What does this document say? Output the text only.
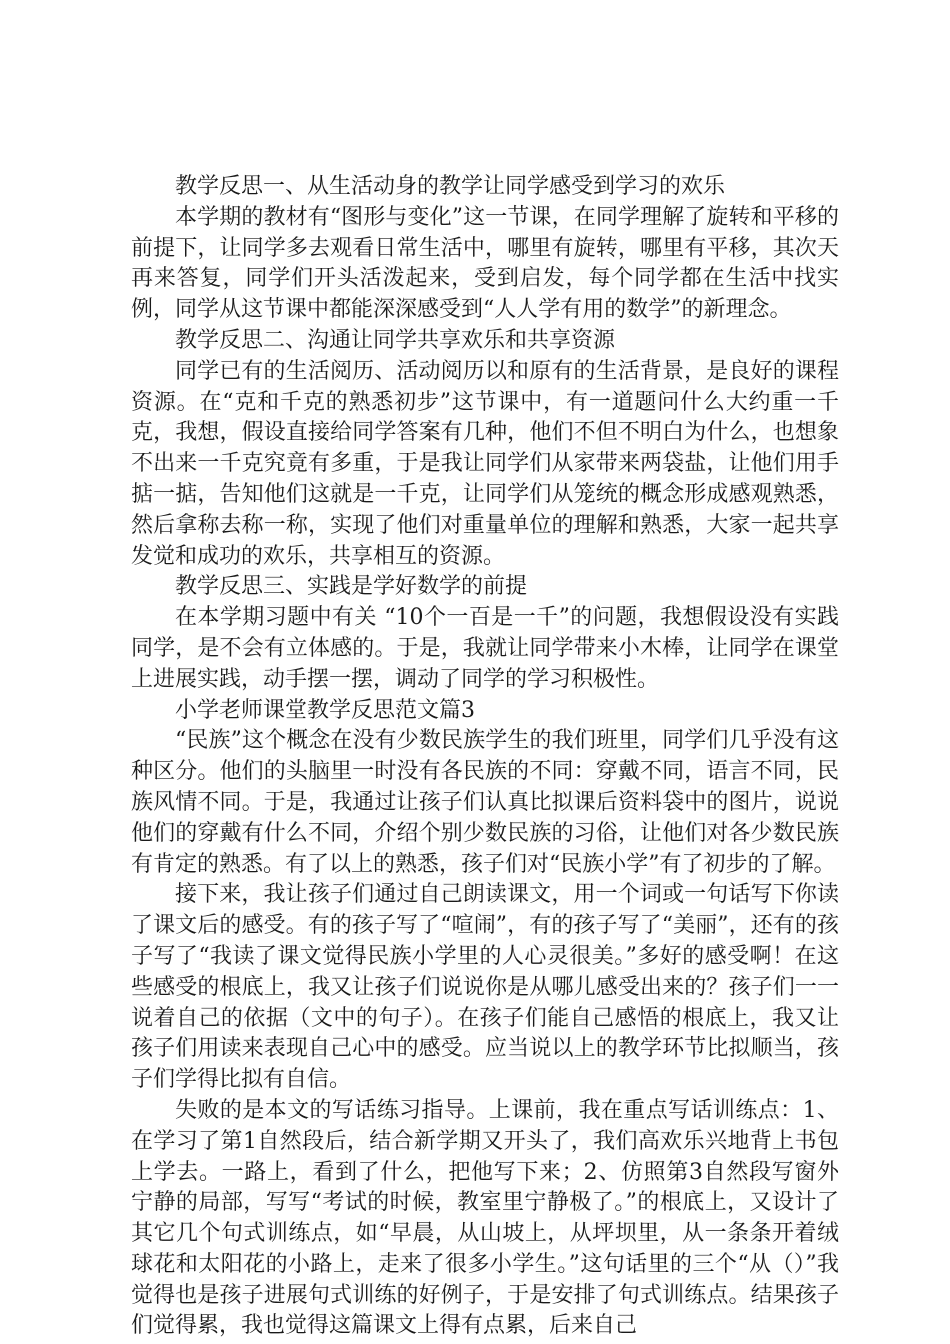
教学反思一、从生活动身的教学让同学感受到学习的欢乐

本学期的教材有“图形与变化”这一节课，在同学理解了旋转和平移的前提下，让同学多去观看日常生活中，哪里有旋转，哪里有平移，其次天再来答复，同学们开头活泼起来，受到启发，每个同学都在生活中找实例，同学从这节课中都能深深感受到“人人学有用的数学”的新理念。

教学反思二、沟通让同学共享欢乐和共享资源

同学已有的生活阅历、活动阅历以和原有的生活背景，是良好的课程资源。在“克和千克的熟悉初步”这节课中，有一道题问什么大约重一千克，我想，假设直接给同学答案有几种，他们不但不明白为什么，也想象不出来一千克究竟有多重，于是我让同学们从家带来两袋盐，让他们用手掂一掂，告知他们这就是一千克，让同学们从笼统的概念形成感观熟悉，然后拿称去称一称，实现了他们对重量单位的理解和熟悉，大家一起共享发觉和成功的欢乐，共享相互的资源。

教学反思三、实践是学好数学的前提

在本学期习题中有关 “10个一百是一千”的问题，我想假设没有实践同学，是不会有立体感的。于是，我就让同学带来小木棒，让同学在课堂上进展实践，动手摆一摆，调动了同学的学习积极性。

小学老师课堂教学反思范文篇3

“民族”这个概念在没有少数民族学生的我们班里，同学们几乎没有这种区分。他们的头脑里一时没有各民族的不同：穿戴不同，语言不同，民族风情不同。于是，我通过让孩子们认真比拟课后资料袋中的图片，说说他们的穿戴有什么不同，介绍个别少数民族的习俗，让他们对各少数民族有肯定的熟悉。有了以上的熟悉，孩子们对“民族小学”有了初步的了解。

接下来，我让孩子们通过自己朗读课文，用一个词或一句话写下你读了课文后的感受。有的孩子写了“喧闹”，有的孩子写了“美丽”，还有的孩子写了“我读了课文觉得民族小学里的人心灵很美。”多好的感受啊！在这些感受的根底上，我又让孩子们说说你是从哪儿感受出来的？孩子们一一说着自己的依据（文中的句子）。在孩子们能自己感悟的根底上，我又让孩子们用读来表现自己心中的感受。应当说以上的教学环节比拟顺当，孩子们学得比拟有自信。

失败的是本文的写话练习指导。上课前，我在重点写话训练点：1、在学习了第1自然段后，结合新学期又开头了，我们高欢乐兴地背上书包上学去。一路上，看到了什么，把他写下来；2、仿照第3自然段写窗外宁静的局部，写写“考试的时候，教室里宁静极了。”的根底上，又设计了其它几个句式训练点，如“早晨，从山坡上，从坪坝里，从一条条开着绒球花和太阳花的小路上，走来了很多小学生。”这句话里的三个“从（）”我觉得也是孩子进展句式训练的好例子，于是安排了句式训练点。结果孩子们觉得累，我也觉得这篇课文上得有点累，后来自己
